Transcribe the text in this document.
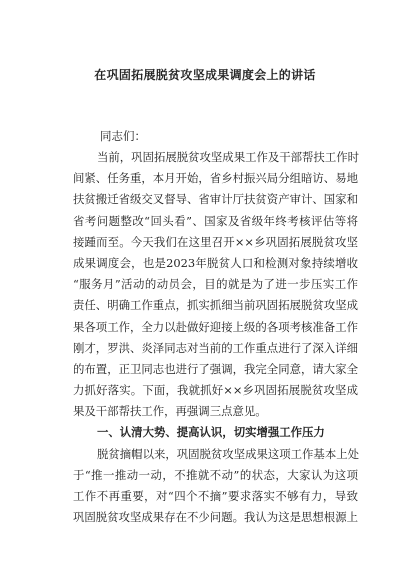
在巩固拓展脱贫攻坚成果调度会上的讲话
同志们：
当前，巩固拓展脱贫攻坚成果工作及干部帮扶工作时
间紧、任务重，本月开始，省乡村振兴局分组暗访、易地
扶贫搬迁省级交叉督导、省审计厅扶贫资产审计、国家和
省考问题整改“回头看”、国家及省级年终考核评估等将
接踵而至。今天我们在这里召开××乡巩固拓展脱贫攻坚
成果调度会，也是2023年脱贫人口和检测对象持续增收
“服务月”活动的动员会，目的就是为了进一步压实工作
责任、明确工作重点，抓实抓细当前巩固拓展脱贫攻坚成
果各项工作，全力以赴做好迎接上级的各项考核准备工作
刚才，罗洪、炎泽同志对当前的工作重点进行了深入详细
的布置，正卫同志也进行了强调，我完全同意，请大家全
力抓好落实。下面，我就抓好××乡巩固拓展脱贫攻坚成
果及干部帮扶工作，再强调三点意见。
一、认清大势、提高认识，切实增强工作压力
脱贫摘帽以来，巩固脱贫攻坚成果这项工作基本上处
于“推一推动一动，不推就不动”的状态，大家认为这项
工作不再重要，对“四个不摘”要求落实不够有力，导致
巩固脱贫攻坚成果存在不少问题。我认为这是思想根源上
